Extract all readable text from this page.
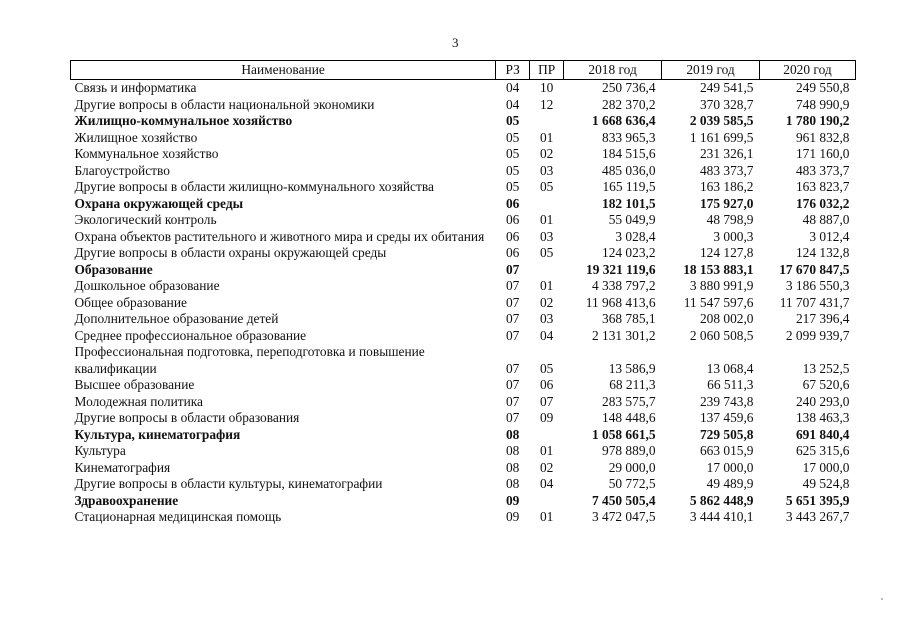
3
Наименование	РЗ	ПР	2018 год	2019 год	2020 год
Связь и информатика	04	10	250 736,4	249 541,5	249 550,8
Другие вопросы в области национальной экономики	04	12	282 370,2	370 328,7	748 990,9
Жилищно-коммунальное хозяйство	05		1 668 636,4	2 039 585,5	1 780 190,2
Жилищное хозяйство	05	01	833 965,3	1 161 699,5	961 832,8
Коммунальное хозяйство	05	02	184 515,6	231 326,1	171 160,0
Благоустройство	05	03	485 036,0	483 373,7	483 373,7
Другие вопросы в области жилищно-коммунального хозяйства	05	05	165 119,5	163 186,2	163 823,7
Охрана окружающей среды	06		182 101,5	175 927,0	176 032,2
Экологический контроль	06	01	55 049,9	48 798,9	48 887,0
Охрана объектов растительного и животного мира и среды их обитания	06	03	3 028,4	3 000,3	3 012,4
Другие вопросы в области охраны окружающей среды	06	05	124 023,2	124 127,8	124 132,8
Образование	07		19 321 119,6	18 153 883,1	17 670 847,5
Дошкольное образование	07	01	4 338 797,2	3 880 991,9	3 186 550,3
Общее образование	07	02	11 968 413,6	11 547 597,6	11 707 431,7
Дополнительное образование детей	07	03	368 785,1	208 002,0	217 396,4
Среднее профессиональное образование	07	04	2 131 301,2	2 060 508,5	2 099 939,7
Профессиональная подготовка, переподготовка и повышение квалификации	07	05	13 586,9	13 068,4	13 252,5
Высшее образование	07	06	68 211,3	66 511,3	67 520,6
Молодежная политика	07	07	283 575,7	239 743,8	240 293,0
Другие вопросы в области образования	07	09	148 448,6	137 459,6	138 463,3
Культура, кинематография	08		1 058 661,5	729 505,8	691 840,4
Культура	08	01	978 889,0	663 015,9	625 315,6
Кинематография	08	02	29 000,0	17 000,0	17 000,0
Другие вопросы в области культуры, кинематографии	08	04	50 772,5	49 489,9	49 524,8
Здравоохранение	09		7 450 505,4	5 862 448,9	5 651 395,9
Стационарная медицинская помощь	09	01	3 472 047,5	3 444 410,1	3 443 267,7
